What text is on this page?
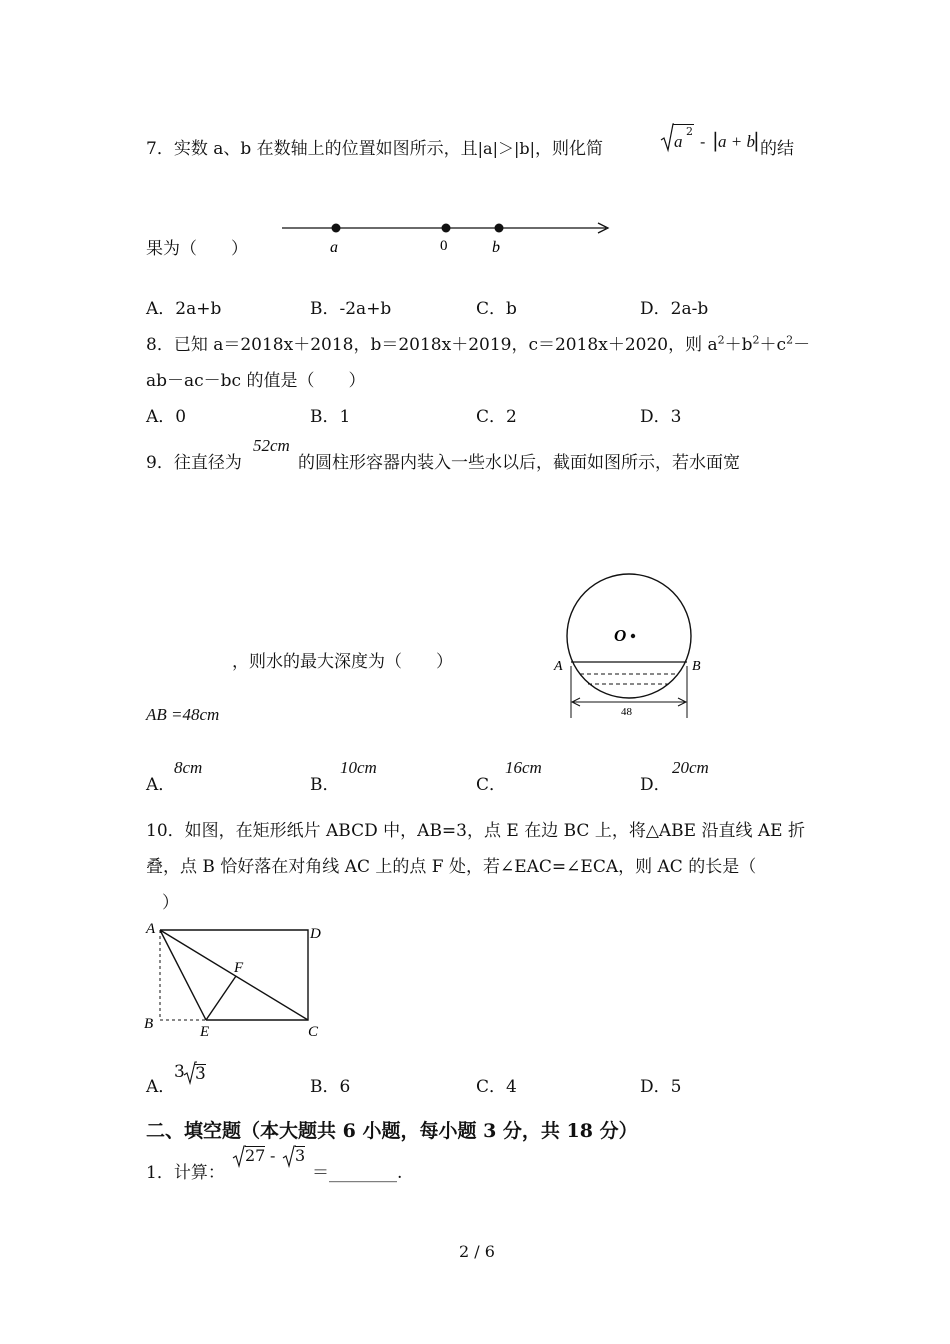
7．实数 a、b 在数轴上的位置如图所示，且|a|＞|b|，则化简	a
2
- | a + b
| 的结
果为（　　）	a	0	b
A．2a+b	B．-2a+b	C．b	D．2a-b
8．已知 a＝2018x＋2018，b＝2018x＋2019，c＝2018x＋2020，则 $a^2+b^2+c^2-$
ab－ac－bc 的值是（　　）
A．0	B．1	C．2	D．3
9．往直径为
52cm
的圆柱形容器内装入一些水以后，截面如图所示，若水面宽
，则水的最大深度为（　　）
AB =48cm
O
A	B
48
A．
8cm
B．
10cm
C．
16cm
D．
20cm
10．如图，在矩形纸片 ABCD 中，AB=3，点 E 在边 BC 上，将△ABE 沿直线 AE 折
叠，点 B 恰好落在对角线 AC 上的点 F 处，若∠EAC=∠ECA，则 AC 的长是（
）
A	D
B	E	C
F
A．
3 3
B．6	C．4	D．5
二、填空题（本大题共 6 小题，每小题 3 分，共 18 分）
1．计算：
27 - 3
＝________.
2 / 6
